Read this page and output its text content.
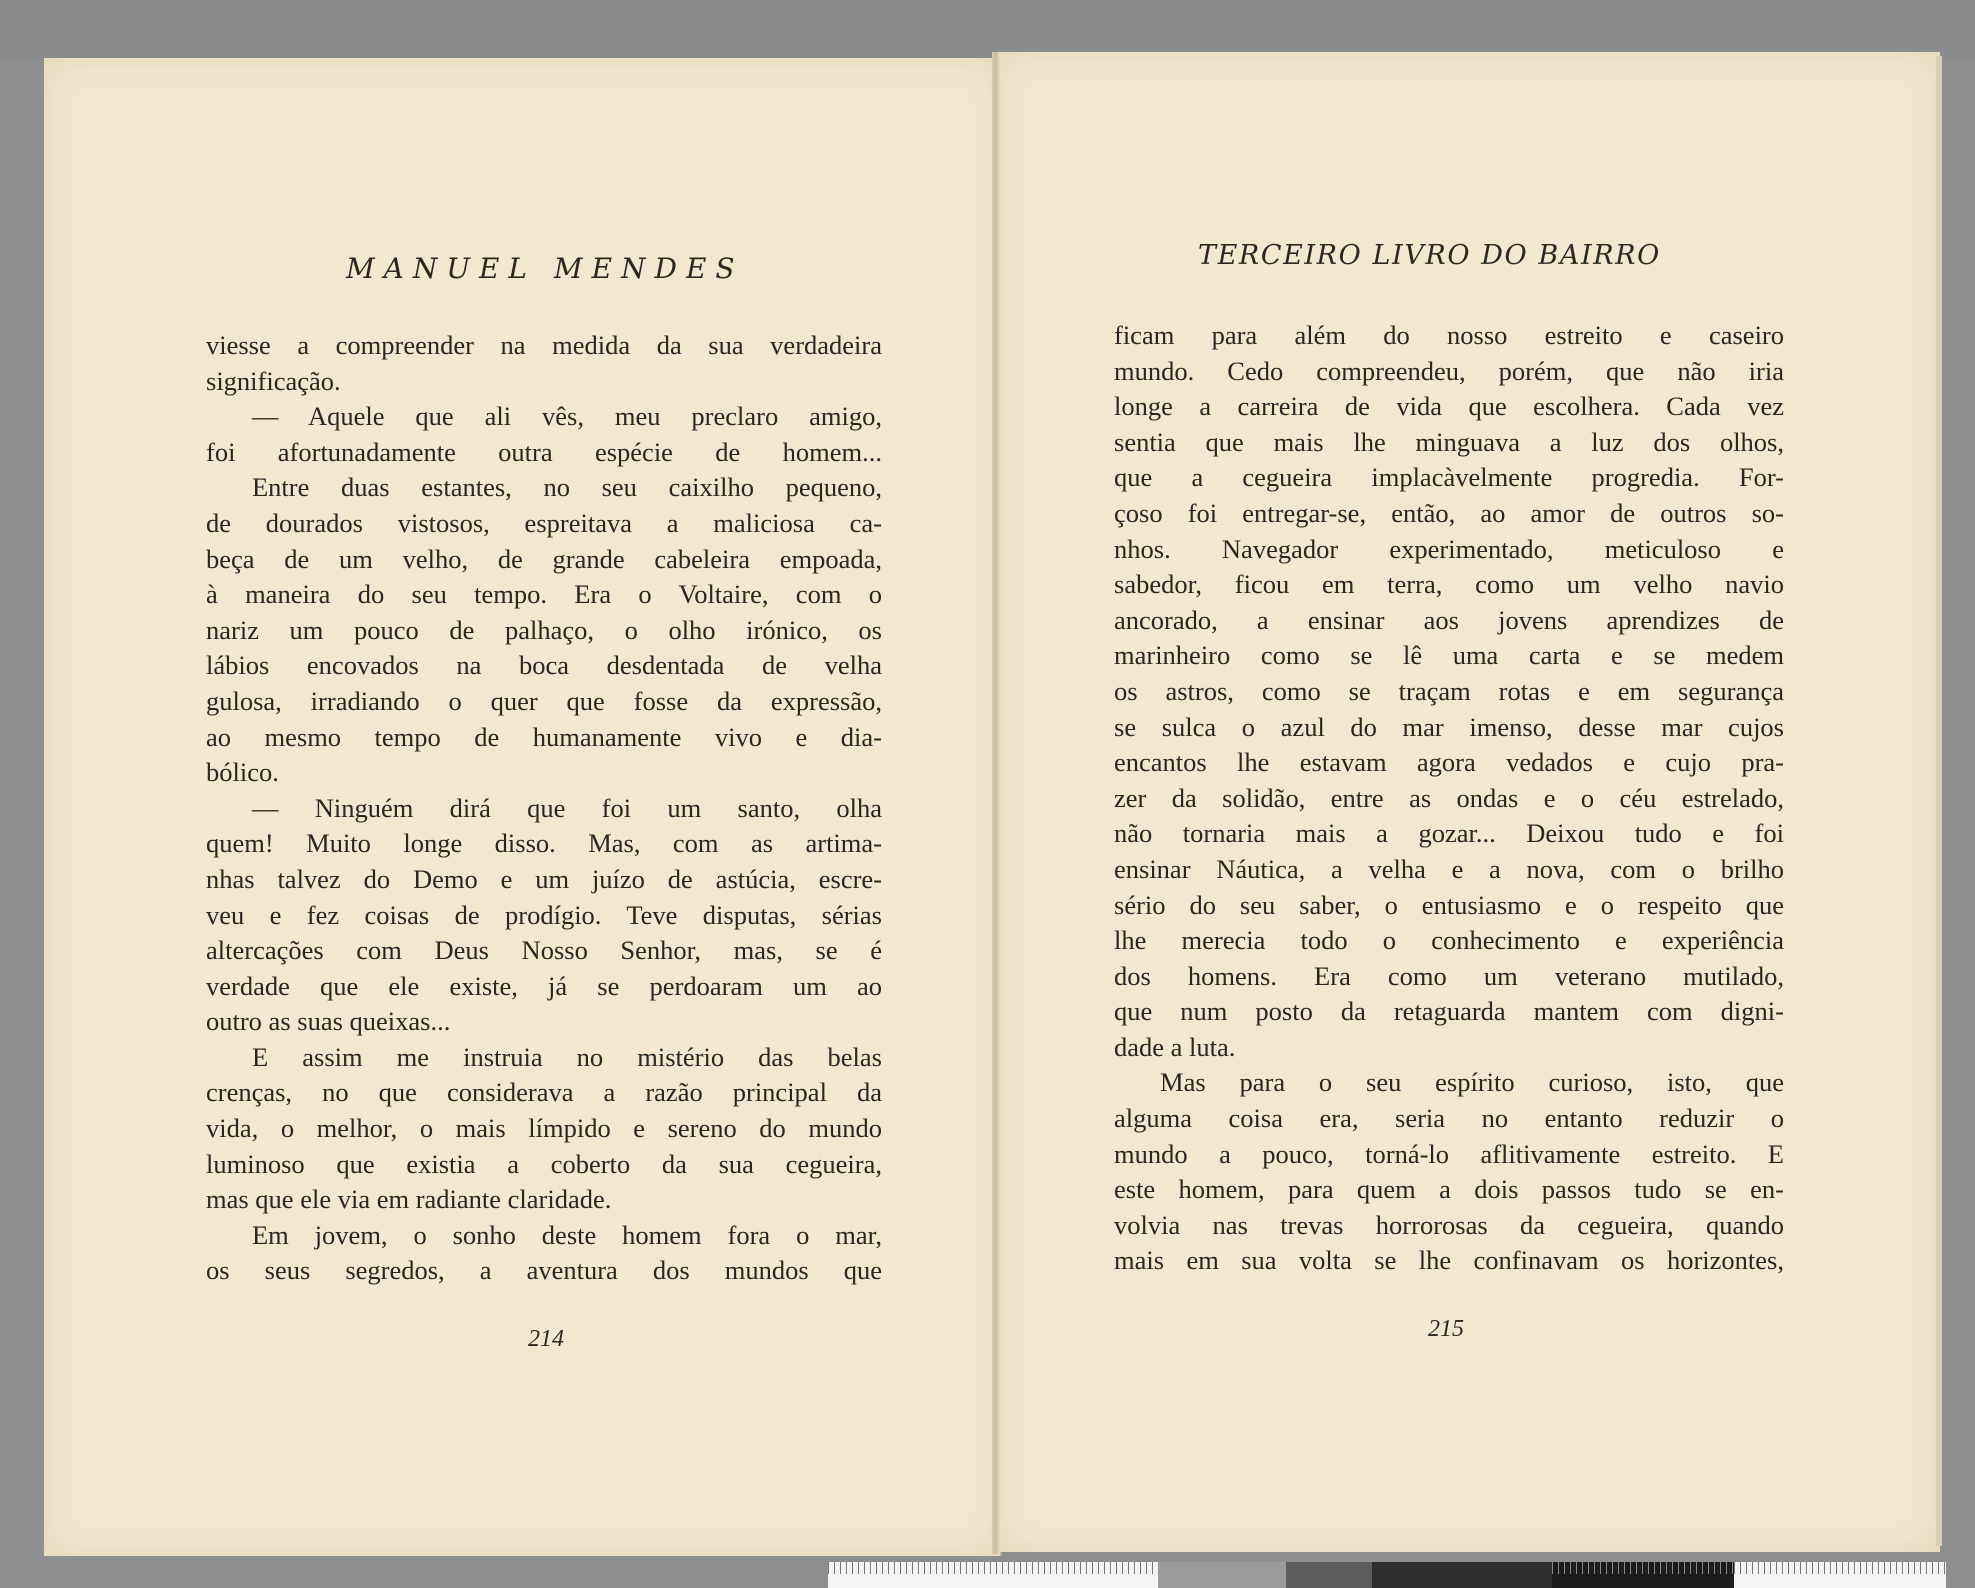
MANUEL MENDES	TERCEIRO LIVRO DO BAIRRO
viesse a compreender na medida da sua verdadeira
significação.
— Aquele que ali vês, meu preclaro amigo,
foi afortunadamente outra espécie de homem...
Entre duas estantes, no seu caixilho pequeno,
de dourados vistosos, espreitava a maliciosa ca-
beça de um velho, de grande cabeleira empoada,
à maneira do seu tempo. Era o Voltaire, com o
nariz um pouco de palhaço, o olho irónico, os
lábios encovados na boca desdentada de velha
gulosa, irradiando o quer que fosse da expressão,
ao mesmo tempo de humanamente vivo e dia-
bólico.
— Ninguém dirá que foi um santo, olha
quem! Muito longe disso. Mas, com as artima-
nhas talvez do Demo e um juízo de astúcia, escre-
veu e fez coisas de prodígio. Teve disputas, sérias
altercações com Deus Nosso Senhor, mas, se é
verdade que ele existe, já se perdoaram um ao
outro as suas queixas...
E assim me instruia no mistério das belas
crenças, no que considerava a razão principal da
vida, o melhor, o mais límpido e sereno do mundo
luminoso que existia a coberto da sua cegueira,
mas que ele via em radiante claridade.
Em jovem, o sonho deste homem fora o mar,
os seus segredos, a aventura dos mundos que
ficam para além do nosso estreito e caseiro
mundo. Cedo compreendeu, porém, que não iria
longe a carreira de vida que escolhera. Cada vez
sentia que mais lhe minguava a luz dos olhos,
que a cegueira implacàvelmente progredia. For-
çoso foi entregar-se, então, ao amor de outros so-
nhos. Navegador experimentado, meticuloso e
sabedor, ficou em terra, como um velho navio
ancorado, a ensinar aos jovens aprendizes de
marinheiro como se lê uma carta e se medem
os astros, como se traçam rotas e em segurança
se sulca o azul do mar imenso, desse mar cujos
encantos lhe estavam agora vedados e cujo pra-
zer da solidão, entre as ondas e o céu estrelado,
não tornaria mais a gozar... Deixou tudo e foi
ensinar Náutica, a velha e a nova, com o brilho
sério do seu saber, o entusiasmo e o respeito que
lhe merecia todo o conhecimento e experiência
dos homens. Era como um veterano mutilado,
que num posto da retaguarda mantem com digni-
dade a luta.
Mas para o seu espírito curioso, isto, que
alguma coisa era, seria no entanto reduzir o
mundo a pouco, torná-lo aflitivamente estreito. E
este homem, para quem a dois passos tudo se en-
volvia nas trevas horrorosas da cegueira, quando
mais em sua volta se lhe confinavam os horizontes,
214	215
